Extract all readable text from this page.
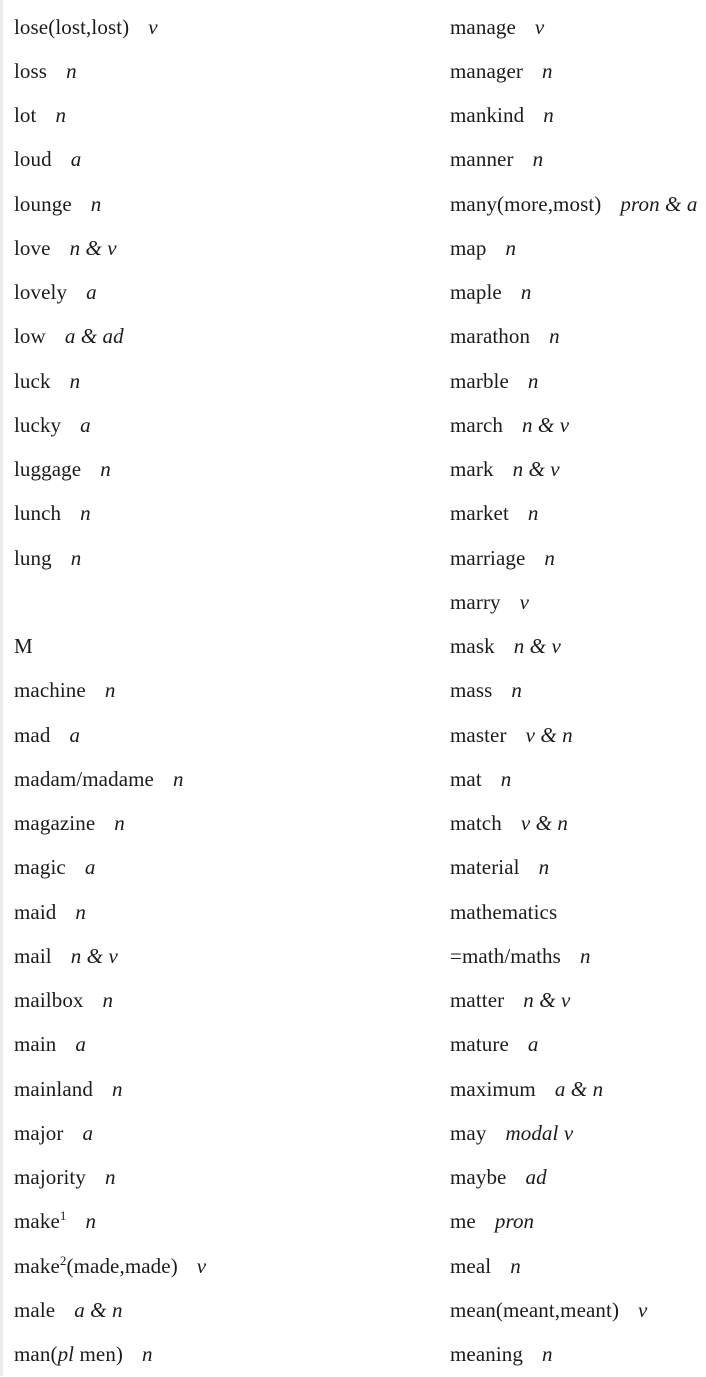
lose(lost,lost) v
loss n
lot n
loud a
lounge n
love n & v
lovely a
low a & ad
luck n
lucky a
luggage n
lunch n
lung n
M
machine n
mad a
madam/madame n
magazine n
magic a
maid n
mail n & v
mailbox n
main a
mainland n
major a
majority n
make$^1$ n
make$^2$(made,made) v
male a & n
man(pl men) n
manage v
manager n
mankind n
manner n
many(more,most) pron & a
map n
maple n
marathon n
marble n
march n & v
mark n & v
market n
marriage n
marry v
mask n & v
mass n
master v & n
mat n
match v & n
material n
mathematics
=math/maths n
matter n & v
mature a
maximum a & n
may modal v
maybe ad
me pron
meal n
mean(meant,meant) v
meaning n
